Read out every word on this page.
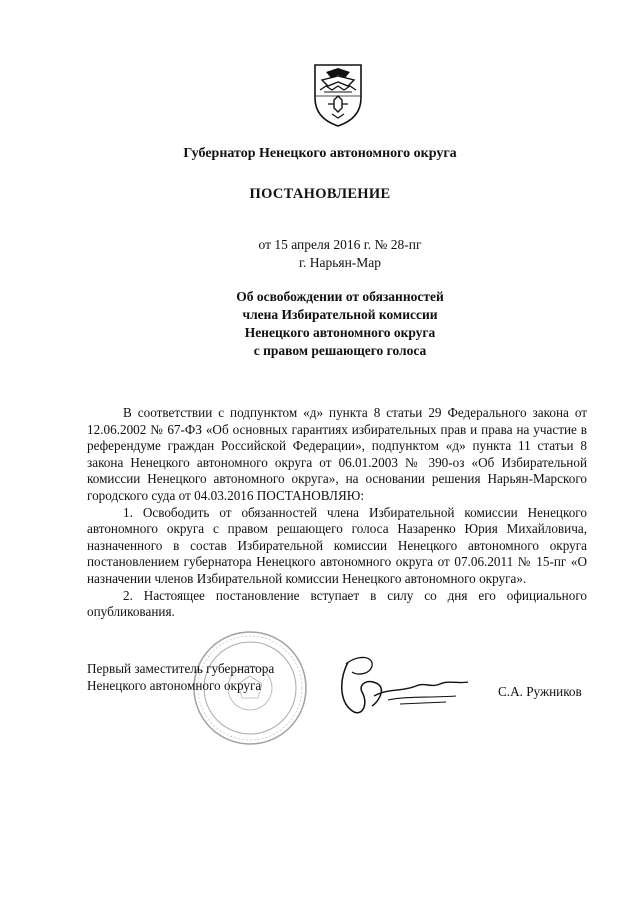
Губернатор Ненецкого автономного округа
ПОСТАНОВЛЕНИЕ
от 15 апреля 2016 г. № 28-пг
г. Нарьян-Мар
Об освобождении от обязанностей
члена Избирательной комиссии
Ненецкого автономного округа
с правом решающего голоса

В соответствии с подпунктом «д» пункта 8 статьи 29 Федерального закона от 12.06.2002 № 67-ФЗ «Об основных гарантиях избирательных прав и права на участие в референдуме граждан Российской Федерации», подпунктом «д» пункта 11 статьи 8 закона Ненецкого автономного округа от 06.01.2003 № 390-оз «Об Избирательной комиссии Ненецкого автономного округа», на основании решения Нарьян-Марского городского суда от 04.03.2016 ПОСТАНОВЛЯЮ:

1. Освободить от обязанностей члена Избирательной комиссии Ненецкого автономного округа с правом решающего голоса Назаренко Юрия Михайловича, назначенного в состав Избирательной комиссии Ненецкого автономного округа постановлением губернатора Ненецкого автономного округа от 07.06.2011 № 15-пг «О назначении членов Избирательной комиссии Ненецкого автономного округа».

2. Настоящее постановление вступает в силу со дня его официального опубликования.

Первый заместитель губернатора
Ненецкого автономного округа	С.А. Ружников
